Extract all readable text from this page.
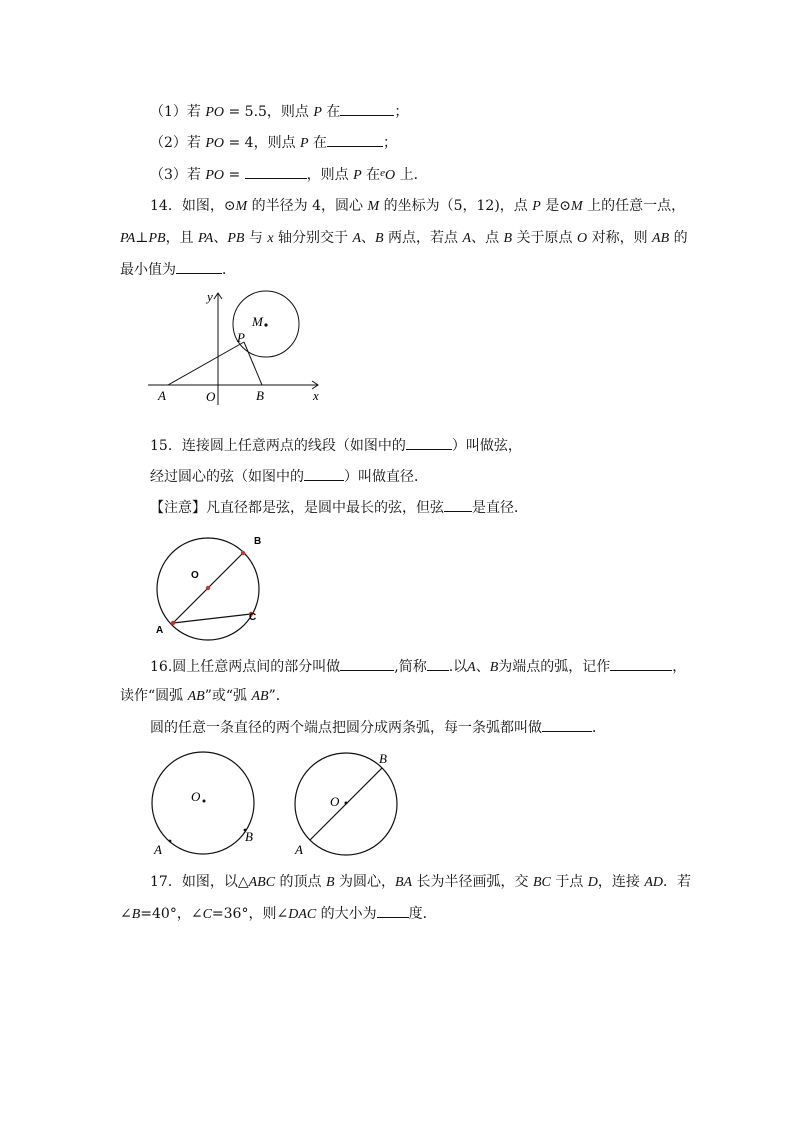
（1）若 PO = 5.5，则点 P 在	；
（2）若 PO = 4，则点 P 在	；
（3）若 PO =	，则点 P 在$^e$O 上．
14．如图，⊙M 的半径为 4，圆心 M 的坐标为（5，12)，点 P 是⊙M 上的任意一点，
PA⊥PB，且 PA、PB 与 x 轴分别交于 A、B 两点，若点 A、点 B 关于原点 O 对称，则 AB 的
最小值为	．
y
x
O
A	B
P
M
15．连接圆上任意两点的线段（如图中的	）叫做弦，
经过圆心的弦（如图中的	）叫做直径．
【注意】凡直径都是弦，是圆中最长的弦，但弦 是直径．
B
O
A
C
16.圆上任意两点间的部分叫做	,简称 .以A、B为端点的弧，记作	，
读作“圆弧 AB”或“弧 AB”．
圆的任意一条直径的两个端点把圆分成两条弧，每一条弧都叫做	．
O
A
B
O
A
B
17．如图，以△ABC 的顶点 B 为圆心，BA 长为半径画弧，交 BC 于点 D，连接 AD．若
∠B=40°，∠C=36°，则∠DAC 的大小为 度．
